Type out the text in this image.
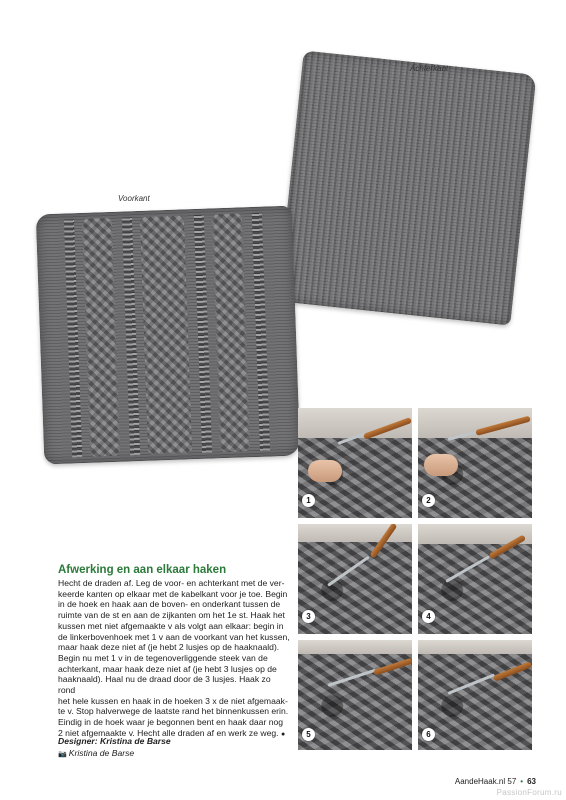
Achterkant
Voorkant
1	2
3	4
5	6
Afwerking en aan elkaar haken
Hecht de draden af. Leg de voor- en achterkant met de ver-
keerde kanten op elkaar met de kabelkant voor je toe. Begin
in de hoek en haak aan de boven- en onderkant tussen de
ruimte van de st en aan de zijkanten om het 1e st. Haak het
kussen met niet afgemaakte v als volgt aan elkaar: begin in
de linkerbovenhoek met 1 v aan de voorkant van het kussen,
maar haak deze niet af (je hebt 2 lusjes op de haaknaald).
Begin nu met 1 v in de tegenoverliggende steek van de
achterkant, maar haak deze niet af (je hebt 3 lusjes op de
haaknaald). Haal nu de draad door de 3 lusjes. Haak zo rond
het hele kussen en haak in de hoeken 3 x de niet afgemaak-
te v. Stop halverwege de laatste rand het binnenkussen erin.
Eindig in de hoek waar je begonnen bent en haak daar nog
2 niet afgemaakte v. Hecht alle draden af en werk ze weg. ●
Designer: Kristina de Barse
📷 Kristina de Barse
AandeHaak.nl 57 • 63
PassionForum.ru
